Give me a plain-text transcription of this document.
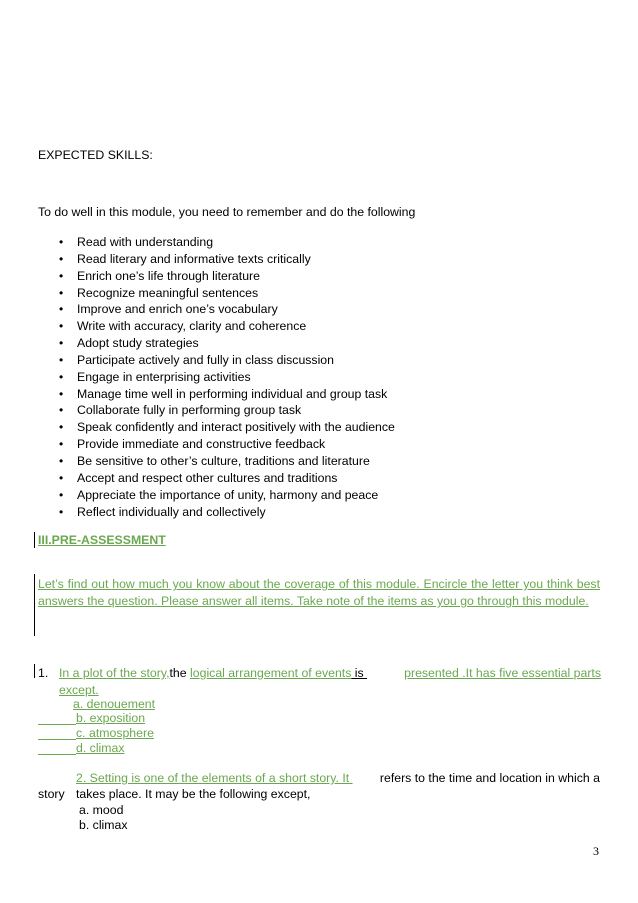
EXPECTED SKILLS:
To do well in this module, you need to remember and do the following
• Read with understanding
• Read literary and informative texts critically
• Enrich one’s life through literature
• Recognize meaningful sentences
• Improve and enrich one’s vocabulary
• Write with accuracy, clarity and coherence
• Adopt study strategies
• Participate actively and fully in class discussion
• Engage in enterprising activities
• Manage time well in performing individual and group task
• Collaborate fully in performing group task
• Speak confidently and interact positively with the audience
• Provide immediate and constructive feedback
• Be sensitive to other’s culture, traditions and literature
• Accept and respect other cultures and traditions
• Appreciate the importance of unity, harmony and peace
• Reflect individually and collectively
III.PRE-ASSESSMENT
Let’s find out how much you know about the coverage of this module. Encircle the letter you think best answers the question. Please answer all items. Take note of the items as you go through this module.
1. In a plot of the story, the logical arrangement of events is	presented .It has five essential parts
except.
a. denouement
b. exposition
c. atmosphere
d. climax
2. Setting is one of the elements of a short story. It refers to the time and location in which a
story takes place. It may be the following except,
a. mood
b. climax
3
